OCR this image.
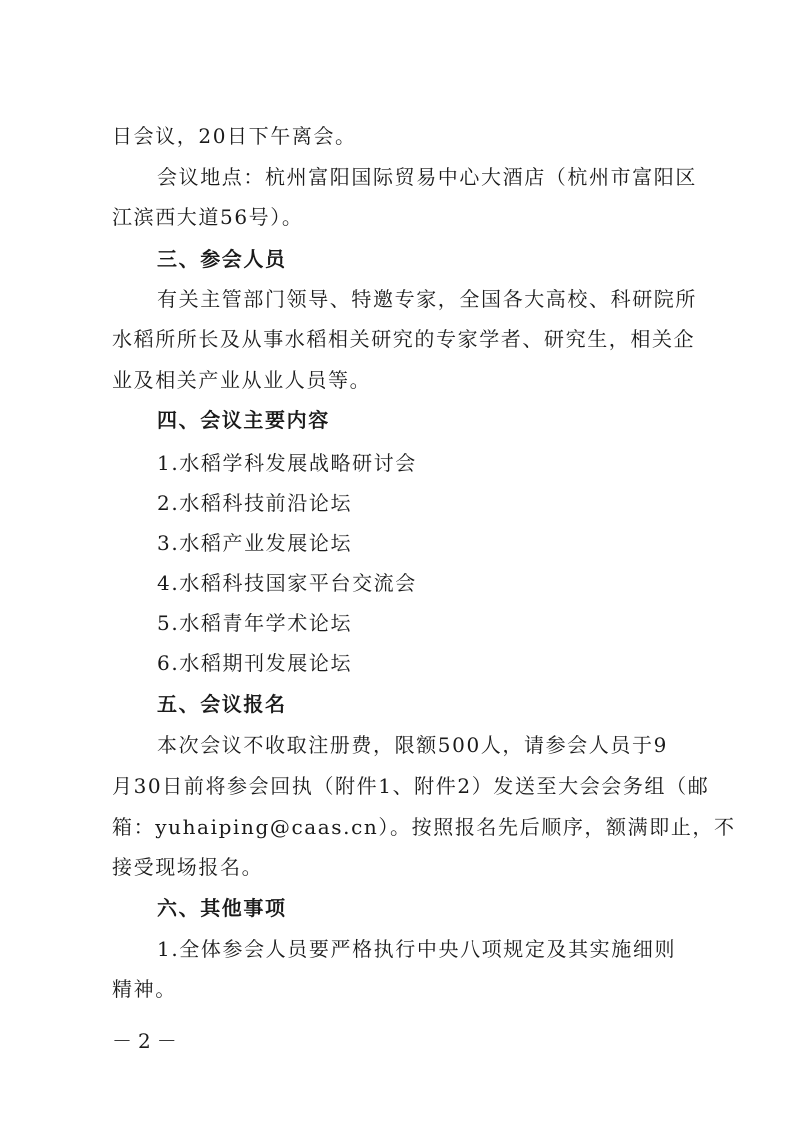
日会议，20日下午离会。
会议地点：杭州富阳国际贸易中心大酒店（杭州市富阳区
江滨西大道56号）。
三、参会人员
有关主管部门领导、特邀专家，全国各大高校、科研院所
水稻所所长及从事水稻相关研究的专家学者、研究生，相关企
业及相关产业从业人员等。
四、会议主要内容
1.水稻学科发展战略研讨会
2.水稻科技前沿论坛
3.水稻产业发展论坛
4.水稻科技国家平台交流会
5.水稻青年学术论坛
6.水稻期刊发展论坛
五、会议报名
本次会议不收取注册费，限额500人，请参会人员于9
月30日前将参会回执（附件1、附件2）发送至大会会务组（邮
箱：yuhaiping@caas.cn）。按照报名先后顺序，额满即止，不
接受现场报名。
六、其他事项
1.全体参会人员要严格执行中央八项规定及其实施细则
精神。
－2－
